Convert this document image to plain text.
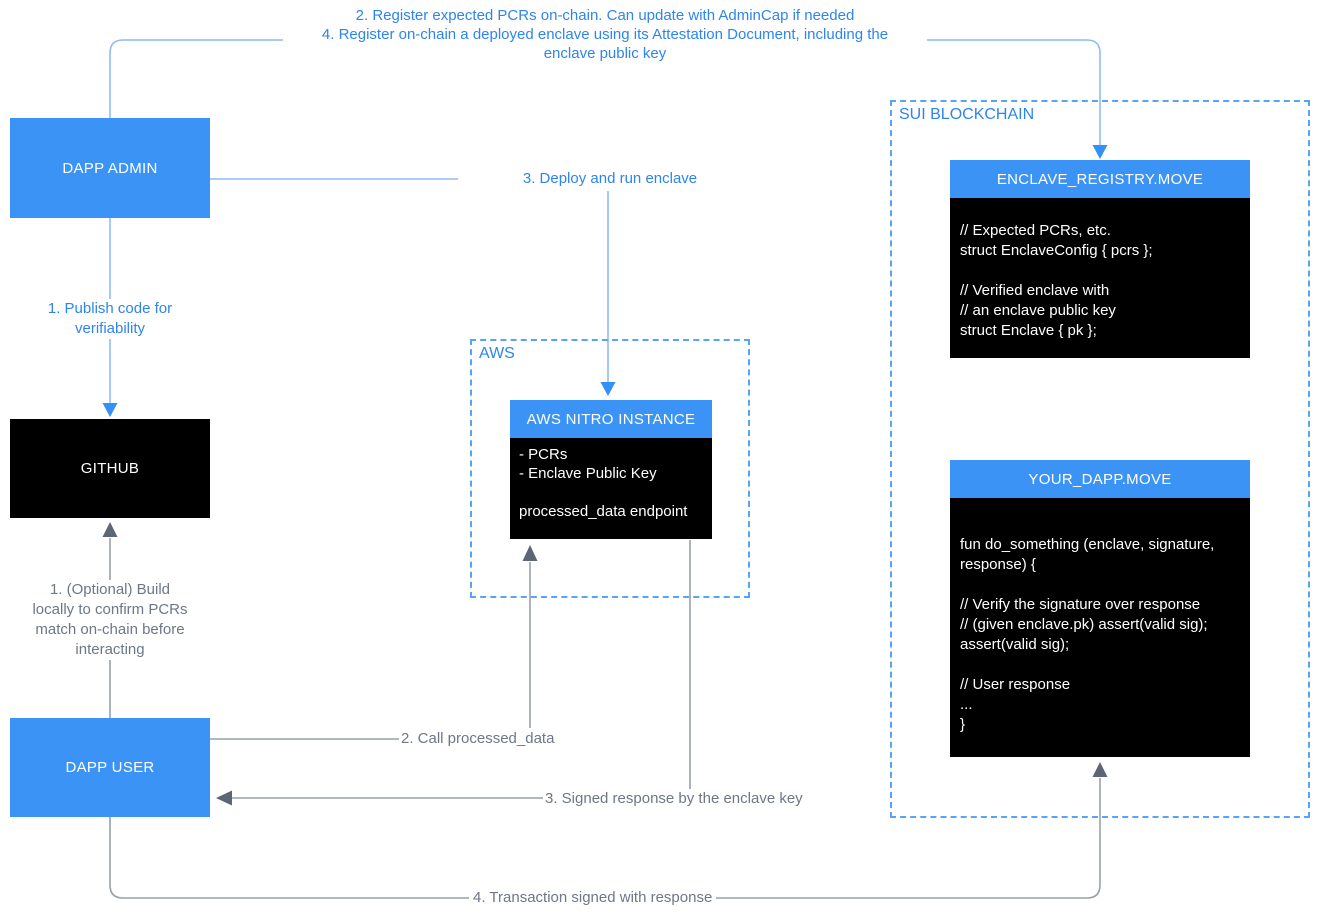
AWS
SUI BLOCKCHAIN
DAPP ADMIN
GITHUB
DAPP USER
AWS NITRO INSTANCE
- PCRs
- Enclave Public Key

processed_data endpoint
ENCLAVE_REGISTRY.MOVE
// Expected PCRs, etc.
struct EnclaveConfig { pcrs };

// Verified enclave with
// an enclave public key
struct Enclave { pk };
YOUR_DAPP.MOVE
fun do_something (enclave, signature,
response) {

// Verify the signature over response
// (given enclave.pk) assert(valid sig);
assert(valid sig);

// User response
...
}
2. Register expected PCRs on-chain. Can update with AdminCap if needed
4. Register on-chain a deployed enclave using its Attestation Document, including the
enclave public key
1. Publish code for
verifiability
3. Deploy and run enclave
1. (Optional) Build
locally to confirm PCRs
match on-chain before
interacting
2. Call processed_data
3. Signed response by the enclave key
4. Transaction signed with response
